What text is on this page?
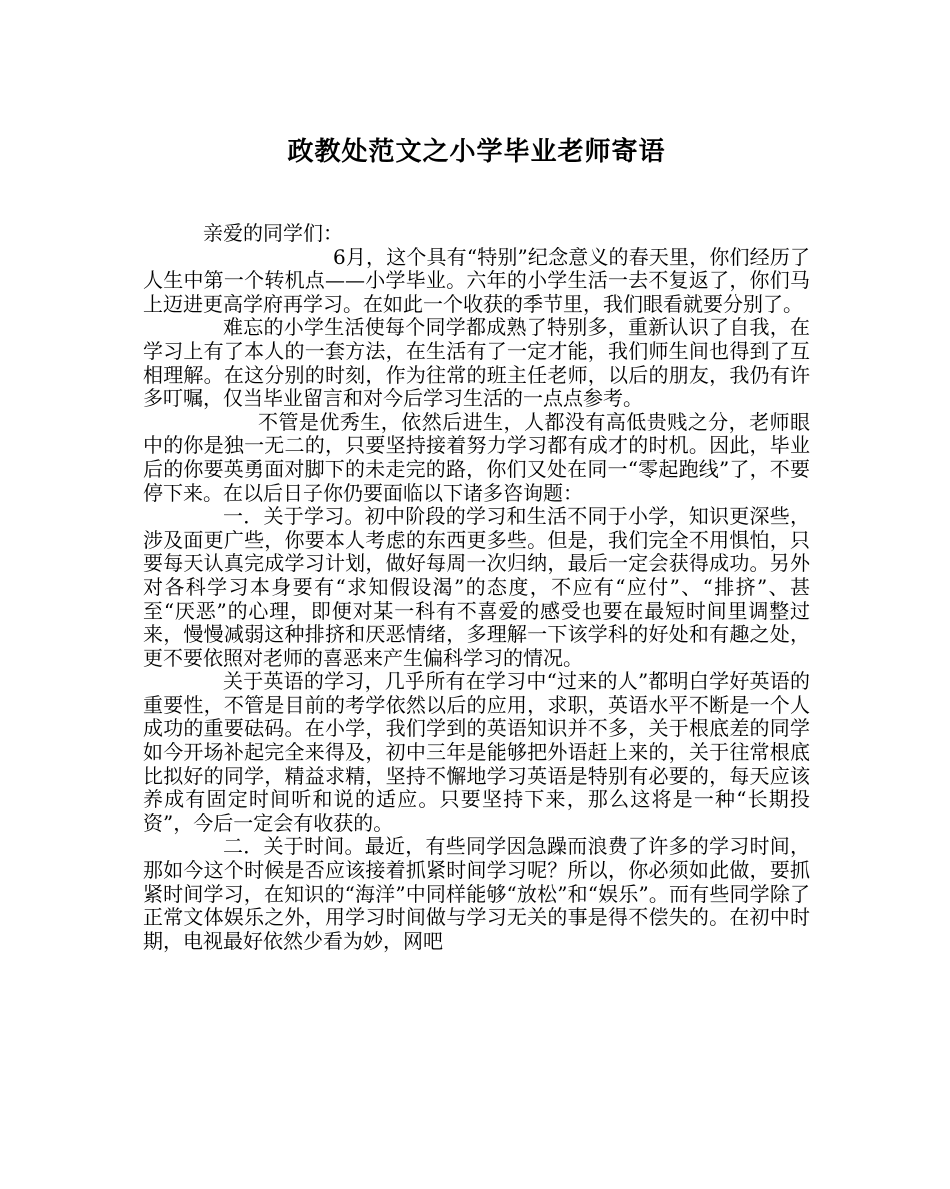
政教处范文之小学毕业老师寄语

亲爱的同学们：

6月，这个具有“特别”纪念意义的春天里，你们经历了人生中第一个转机点——小学毕业。六年的小学生活一去不复返了，你们马上迈进更高学府再学习。在如此一个收获的季节里，我们眼看就要分别了。

难忘的小学生活使每个同学都成熟了特别多，重新认识了自我，在学习上有了本人的一套方法，在生活有了一定才能，我们师生间也得到了互相理解。在这分别的时刻，作为往常的班主任老师，以后的朋友，我仍有许多叮嘱，仅当毕业留言和对今后学习生活的一点点参考。

不管是优秀生，依然后进生，人都没有高低贵贱之分，老师眼中的你是独一无二的，只要坚持接着努力学习都有成才的时机。因此，毕业后的你要英勇面对脚下的未走完的路，你们又处在同一“零起跑线”了，不要停下来。在以后日子你仍要面临以下诸多咨询题：

一．关于学习。初中阶段的学习和生活不同于小学，知识更深些，涉及面更广些，你要本人考虑的东西更多些。但是，我们完全不用惧怕，只要每天认真完成学习计划，做好每周一次归纳，最后一定会获得成功。另外对各科学习本身要有“求知假设渴”的态度，不应有“应付”、“排挤”、甚至“厌恶”的心理，即便对某一科有不喜爱的感受也要在最短时间里调整过来，慢慢减弱这种排挤和厌恶情绪，多理解一下该学科的好处和有趣之处，更不要依照对老师的喜恶来产生偏科学习的情况。

关于英语的学习，几乎所有在学习中“过来的人”都明白学好英语的重要性，不管是目前的考学依然以后的应用，求职，英语水平不断是一个人成功的重要砝码。在小学，我们学到的英语知识并不多，关于根底差的同学如今开场补起完全来得及，初中三年是能够把外语赶上来的，关于往常根底比拟好的同学，精益求精，坚持不懈地学习英语是特别有必要的，每天应该养成有固定时间听和说的适应。只要坚持下来，那么这将是一种“长期投资”，今后一定会有收获的。

二．关于时间。最近，有些同学因急躁而浪费了许多的学习时间，那如今这个时候是否应该接着抓紧时间学习呢？所以，你必须如此做，要抓紧时间学习，在知识的“海洋”中同样能够“放松”和“娱乐”。而有些同学除了正常文体娱乐之外，用学习时间做与学习无关的事是得不偿失的。在初中时期，电视最好依然少看为妙，网吧
